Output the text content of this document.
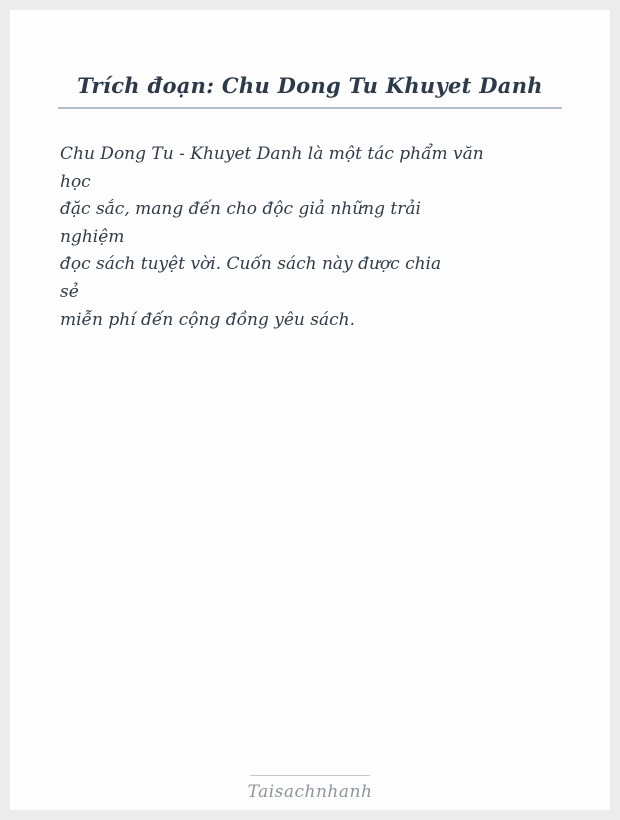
Trích đoạn: Chu Dong Tu Khuyet Danh
Chu Dong Tu - Khuyet Danh là một tác phẩm văn
học
đặc sắc, mang đến cho độc giả những trải
nghiệm
đọc sách tuyệt vời. Cuốn sách này được chia
sẻ
miễn phí đến cộng đồng yêu sách.
Taisachnhanh
